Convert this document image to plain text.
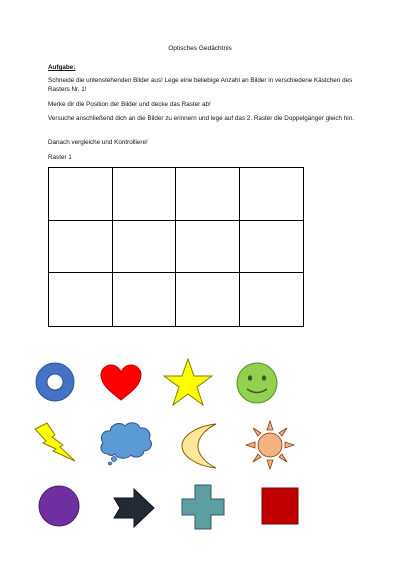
Optisches Gedächtnis

Aufgabe:

Schneide die untenstehenden Bilder aus! Lege eine beliebige Anzahl an Bilder in verschiedene Kästchen des Rasters Nr. 1!

Merke dir die Position der Bilder und decke das Raster ab!

Versuche anschließend dich an die Bilder zu erinnern und lege auf das 2. Raster die Doppelgänger gleich hin.

Danach vergleiche und Kontrolliere!

Raster 1
